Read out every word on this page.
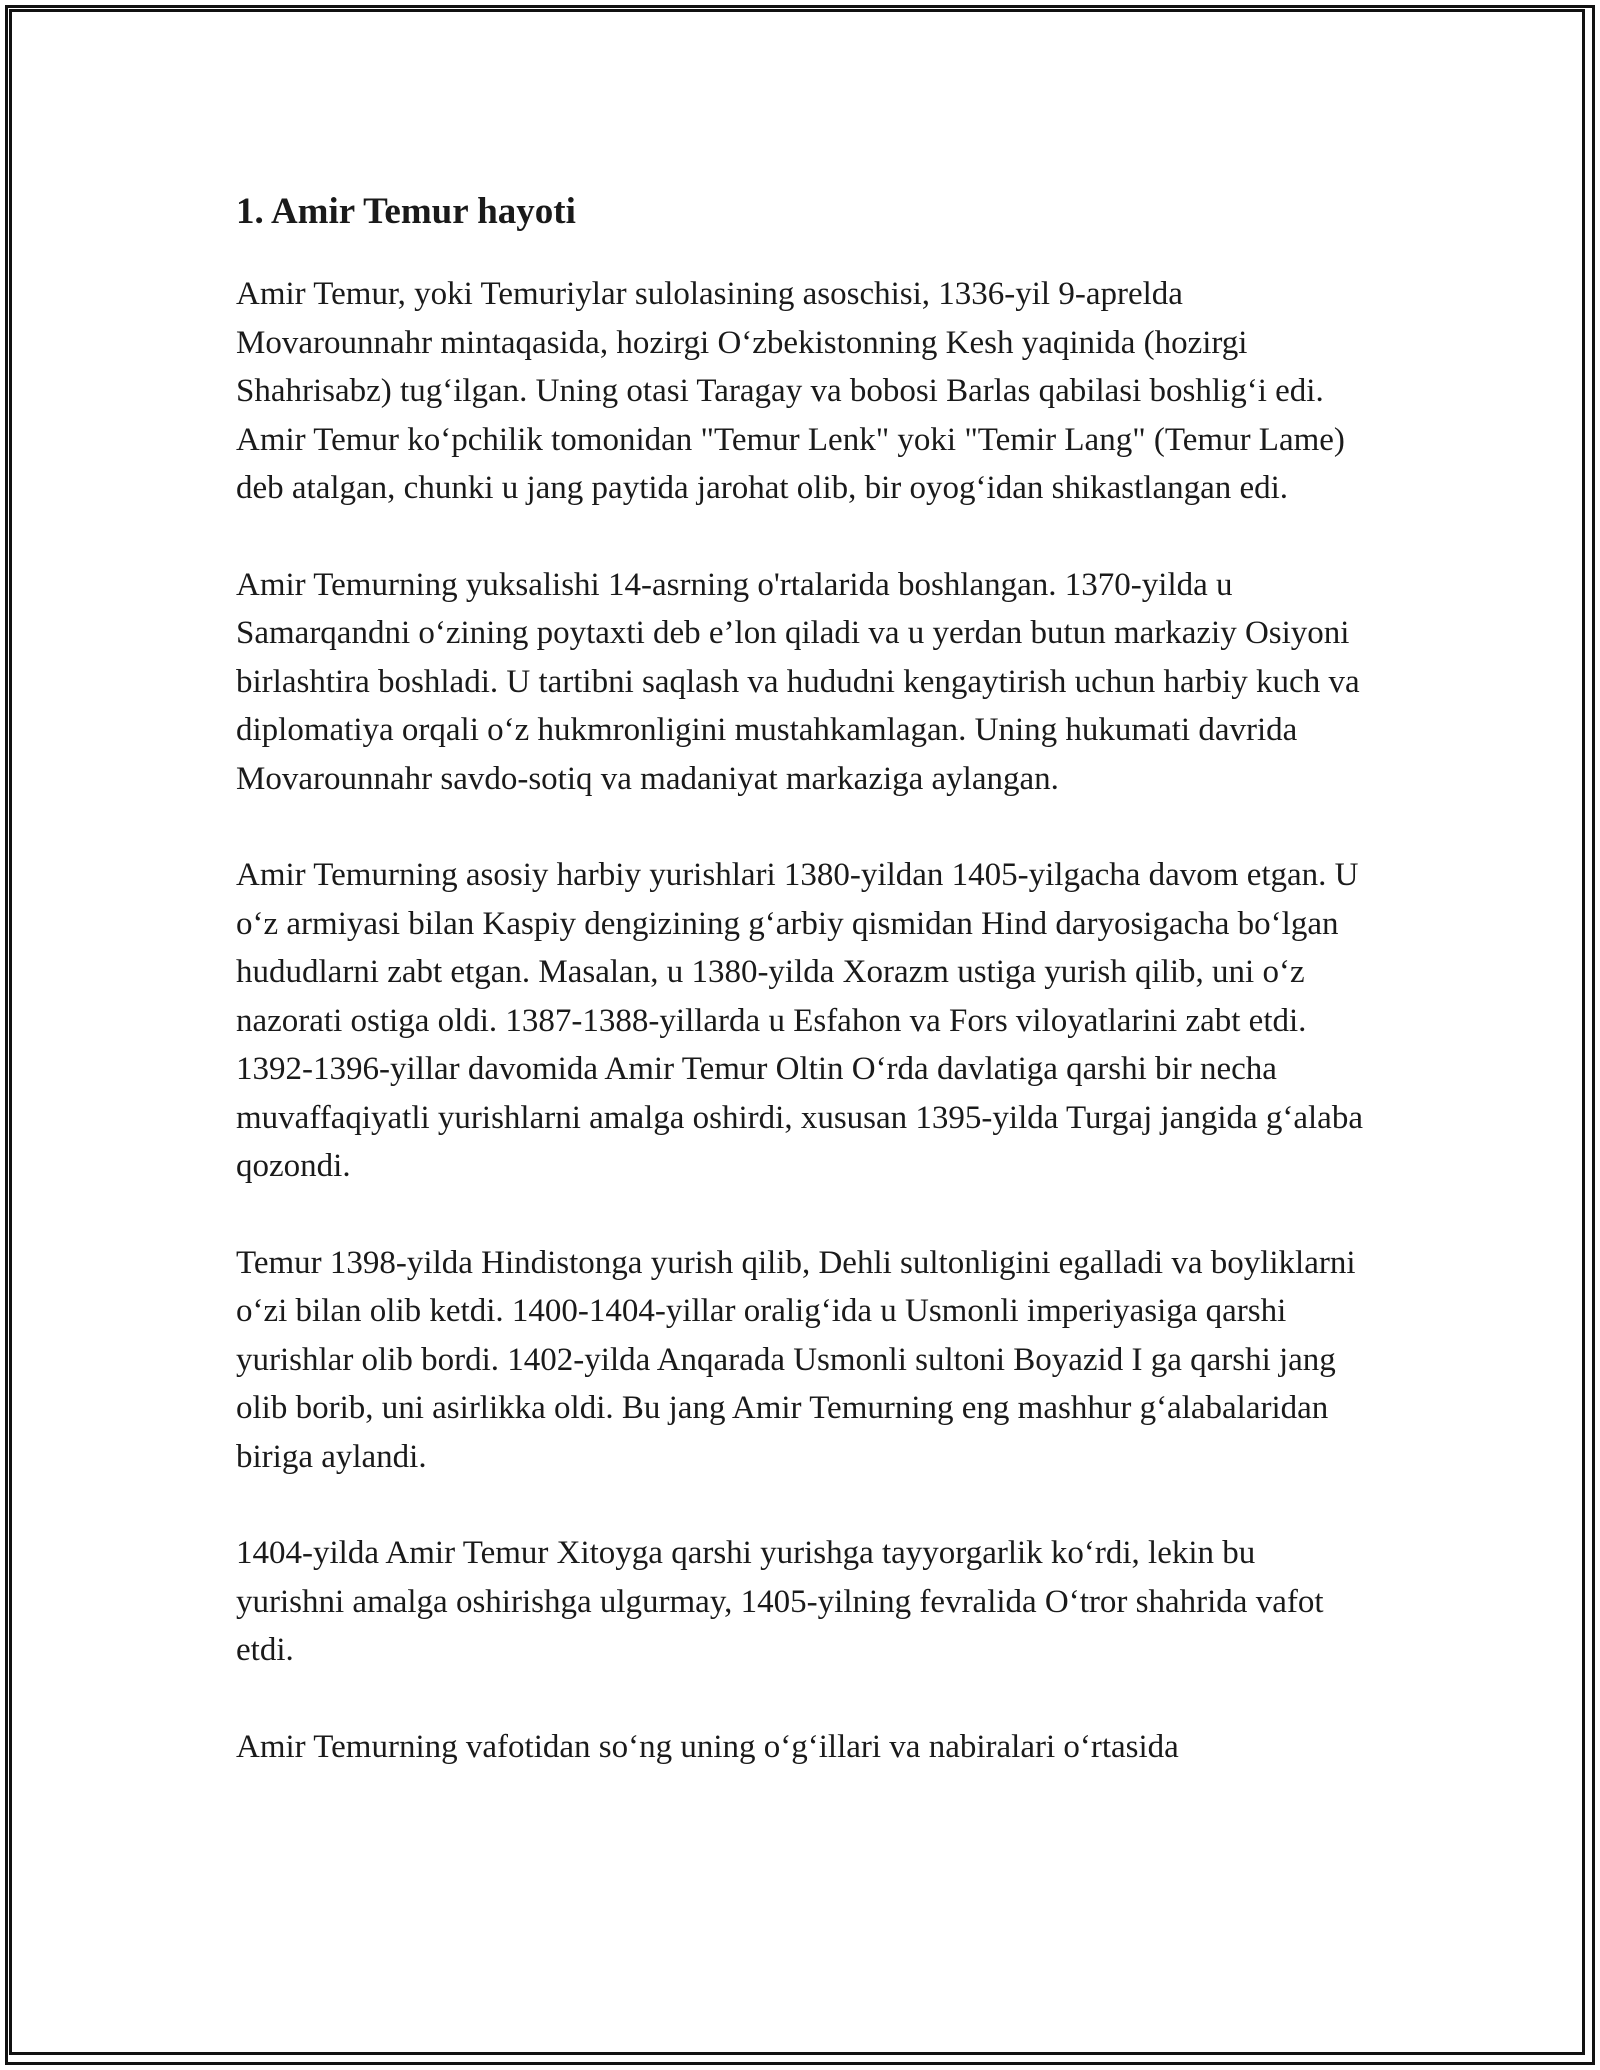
1. Amir Temur hayoti

Amir Temur, yoki Temuriylar sulolasining asoschisi, 1336-yil 9-aprelda Movarounnahr mintaqasida, hozirgi O‘zbekistonning Kesh yaqinida (hozirgi Shahrisabz) tug‘ilgan. Uning otasi Taragay va bobosi Barlas qabilasi boshlig‘i edi. Amir Temur ko‘pchilik tomonidan "Temur Lenk" yoki "Temir Lang" (Temur Lame) deb atalgan, chunki u jang paytida jarohat olib, bir oyog‘idan shikastlangan edi.

Amir Temurning yuksalishi 14-asrning o'rtalarida boshlangan. 1370-yilda u Samarqandni o‘zining poytaxti deb e’lon qiladi va u yerdan butun markaziy Osiyoni birlashtira boshladi. U tartibni saqlash va hududni kengaytirish uchun harbiy kuch va diplomatiya orqali o‘z hukmronligini mustahkamlagan. Uning hukumati davrida Movarounnahr savdo-sotiq va madaniyat markaziga aylangan.

Amir Temurning asosiy harbiy yurishlari 1380-yildan 1405-yilgacha davom etgan. U o‘z armiyasi bilan Kaspiy dengizining g‘arbiy qismidan Hind daryosigacha bo‘lgan hududlarni zabt etgan. Masalan, u 1380-yilda Xorazm ustiga yurish qilib, uni o‘z nazorati ostiga oldi. 1387-1388-yillarda u Esfahon va Fors viloyatlarini zabt etdi. 1392-1396-yillar davomida Amir Temur Oltin O‘rda davlatiga qarshi bir necha muvaffaqiyatli yurishlarni amalga oshirdi, xususan 1395-yilda Turgaj jangida g‘alaba qozondi.

Temur 1398-yilda Hindistonga yurish qilib, Dehli sultonligini egalladi va boyliklarni o‘zi bilan olib ketdi. 1400-1404-yillar oralig‘ida u Usmonli imperiyasiga qarshi yurishlar olib bordi. 1402-yilda Anqarada Usmonli sultoni Boyazid I ga qarshi jang olib borib, uni asirlikka oldi. Bu jang Amir Temurning eng mashhur g‘alabalaridan biriga aylandi.

1404-yilda Amir Temur Xitoyga qarshi yurishga tayyorgarlik ko‘rdi, lekin bu yurishni amalga oshirishga ulgurmay, 1405-yilning fevralida O‘tror shahrida vafot etdi.

Amir Temurning vafotidan so‘ng uning o‘g‘illari va nabiralari o‘rtasida
